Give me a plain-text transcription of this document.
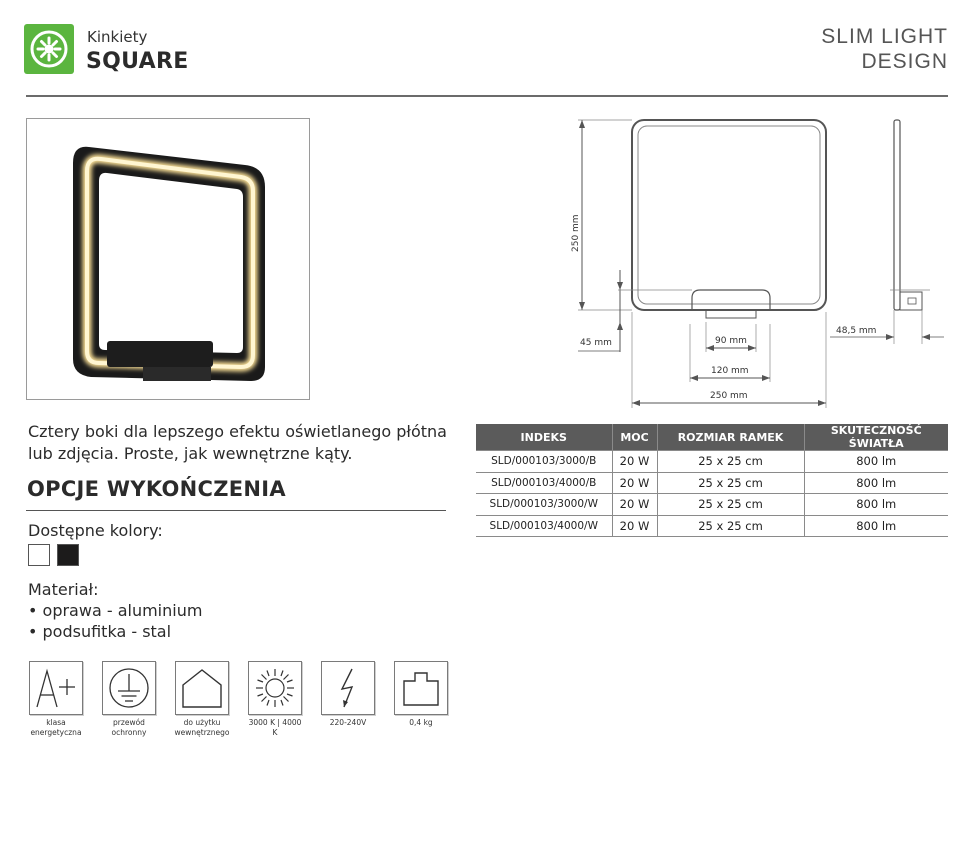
Kinkiety
SQUARE
SLIM LIGHT
DESIGN
250 mm
45 mm	90 mm
120 mm
250 mm
48,5 mm
Cztery boki dla lepszego efektu oświetlanego płótna lub zdjęcia. Proste, jak wewnętrzne kąty.
OPCJE WYKOŃCZENIA
Dostępne kolory:
Materiał:
• oprawa - aluminium
• podsufitka - stal
klasa
energetyczna
przewód
ochronny
do użytku
wewnętrznego
3000 K | 4000 K
220-240V	0,4 kg
INDEKS	MOC	ROZMIAR RAMEK	SKUTECZNOŚĆ ŚWIATŁA
SLD/000103/3000/B	20 W	25 x 25 cm	800 lm
SLD/000103/4000/B	20 W	25 x 25 cm	800 lm
SLD/000103/3000/W	20 W	25 x 25 cm	800 lm
SLD/000103/4000/W	20 W	25 x 25 cm	800 lm
